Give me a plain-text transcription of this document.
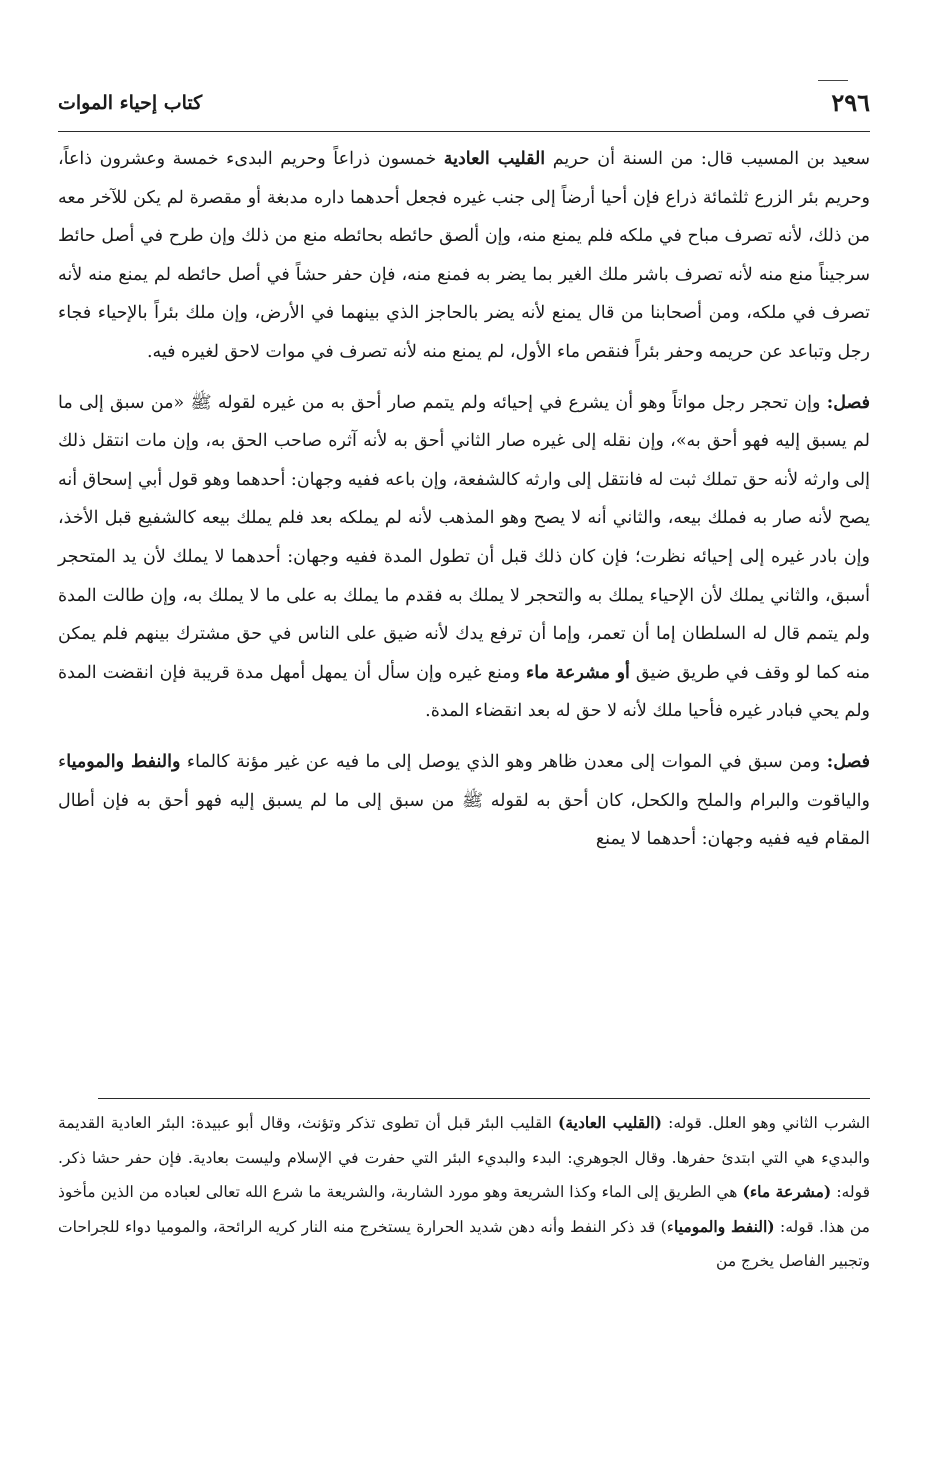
٢٩٦
كتاب إحياء الموات

سعيد بن المسيب قال: من السنة أن حريم القليب العادية خمسون ذراعاً وحريم البدىء خمسة وعشرون ذاعاً، وحريم بئر الزرع ثلثمائة ذراع فإن أحيا أرضاً إلى جنب غيره فجعل أحدهما داره مدبغة أو مقصرة لم يكن للآخر معه من ذلك، لأنه تصرف مباح في ملكه فلم يمنع منه، وإن ألصق حائطه بحائطه منع من ذلك وإن طرح في أصل حائط سرجيناً منع منه لأنه تصرف باشر ملك الغير بما يضر به فمنع منه، فإن حفر حشاً في أصل حائطه لم يمنع منه لأنه تصرف في ملكه، ومن أصحابنا من قال يمنع لأنه يضر بالحاجز الذي بينهما في الأرض، وإن ملك بئراً بالإحياء فجاء رجل وتباعد عن حريمه وحفر بئراً فنقص ماء الأول، لم يمنع منه لأنه تصرف في موات لاحق لغيره فيه.

فصل: وإن تحجر رجل مواتاً وهو أن يشرع في إحيائه ولم يتمم صار أحق به من غيره لقوله ﷺ «من سبق إلى ما لم يسبق إليه فهو أحق به»، وإن نقله إلى غيره صار الثاني أحق به لأنه آثره صاحب الحق به، وإن مات انتقل ذلك إلى وارثه لأنه حق تملك ثبت له فانتقل إلى وارثه كالشفعة، وإن باعه ففيه وجهان: أحدهما وهو قول أبي إسحاق أنه يصح لأنه صار به فملك بيعه، والثاني أنه لا يصح وهو المذهب لأنه لم يملكه بعد فلم يملك بيعه كالشفيع قبل الأخذ، وإن بادر غيره إلى إحيائه نظرت؛ فإن كان ذلك قبل أن تطول المدة ففيه وجهان: أحدهما لا يملك لأن يد المتحجر أسبق، والثاني يملك لأن الإحياء يملك به والتحجر لا يملك به فقدم ما يملك به على ما لا يملك به، وإن طالت المدة ولم يتمم قال له السلطان إما أن تعمر، وإما أن ترفع يدك لأنه ضيق على الناس في حق مشترك بينهم فلم يمكن منه كما لو وقف في طريق ضيق أو مشرعة ماء ومنع غيره وإن سأل أن يمهل أمهل مدة قريبة فإن انقضت المدة ولم يحي فبادر غيره فأحيا ملك لأنه لا حق له بعد انقضاء المدة.

فصل: ومن سبق في الموات إلى معدن ظاهر وهو الذي يوصل إلى ما فيه عن غير مؤنة كالماء والنفط والمومياء والياقوت والبرام والملح والكحل، كان أحق به لقوله ﷺ من سبق إلى ما لم يسبق إليه فهو أحق به فإن أطال المقام فيه ففيه وجهان: أحدهما لا يمنع

الشرب الثاني وهو العلل. قوله: (القليب العادية) القليب البئر قبل أن تطوى تذكر وتؤنث، وقال أبو عبيدة: البئر العادية القديمة والبديء هي التي ابتدئ حفرها. وقال الجوهري: البدء والبديء البئر التي حفرت في الإسلام وليست بعادية. فإن حفر حشا ذكر. قوله: (مشرعة ماء) هي الطريق إلى الماء وكذا الشريعة وهو مورد الشاربة، والشريعة ما شرع الله تعالى لعباده من الذين مأخوذ من هذا. قوله: (النفط والمومياء) قد ذكر النفط وأنه دهن شديد الحرارة يستخرج منه النار كريه الرائحة، والموميا دواء للجراحات وتجبير الفاصل يخرج من
